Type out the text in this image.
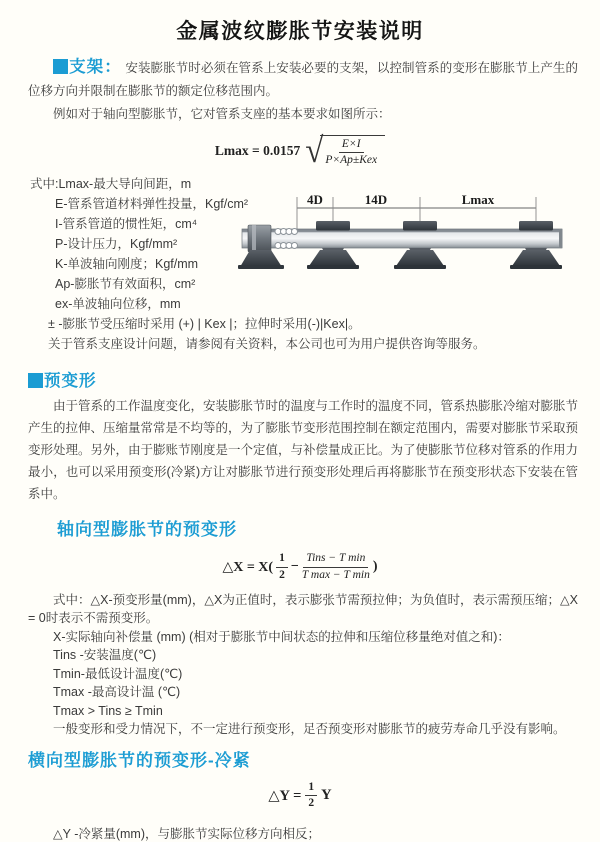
金属波纹膨胀节安装说明
支架： 安装膨胀节时必须在管系上安装必要的支架，以控制管系的变形在膨胀节上产生的位移方向并限制在膨胀节的额定位移范围内。
例如对于轴向型膨胀节，它对管系支座的基本要求如图所示：
Lmax = 0.0157 √ $\frac{E\times I}{\text{P×Ap±Kex}}$
式中:Lmax-最大导向间距，m
E-管系管道材料弹性投量，Kgf/cm²
I-管系管道的惯性矩，cm⁴
P-设计压力，Kgf/mm²
K-单波轴向刚度；Kgf/mm
Ap-膨胀节有效面积，cm²
ex-单波轴向位移，mm
± -膨胀节受压缩时采用 (+) | Kex |；拉伸时采用(-)|Kex|。
关于管系支座设计问题，请参阅有关资料，本公司也可为用户提供咨询等服务。
4D	14D	Lmax
预变形
由于管系的工作温度变化，安装膨胀节时的温度与工作时的温度不同，管系热膨胀冷缩对膨胀节产生的拉伸、压缩量常常是不均等的，为了膨胀节变形范围控制在额定范围内，需要对膨胀节采取预变形处理。另外，由于膨账节刚度是一个定值，与补偿量成正比。为了使膨胀节位移对管系的作用力最小，也可以采用预变形(冷紧)方让对膨胀节进行预变形处理后再将膨胀节在预变形状态下安装在管系中。
轴向型膨胀节的预变形
△X = $X( \frac{1}{2} - \frac{\text{Tins − T min}}{\text{T max − T min}}$ )
式中：△X-预变形量(mm)，△X为正值时，表示膨张节需预拉伸；为负值时，表示需预压缩；△X = 0时表示不需预变形。
X-实际轴向补偿量 (mm) (相对于膨胀节中间状态的拉伸和压缩位移量绝对值之和)：
Tins -安装温度(℃)
Tmin-最低设计温度(℃)
Tmax -最高设计温 (℃)
Tmax > Tins ≥ Tmin
一般变形和受力情况下，不一定进行预变形，足否预变形对膨胀节的疲劳寿命几乎没有影响。
横向型膨胀节的预变形-冷紧
△Y = $\frac{1}{2}$ Y
△Y -冷紧量(mm)，与膨胀节实际位移方向相反；
